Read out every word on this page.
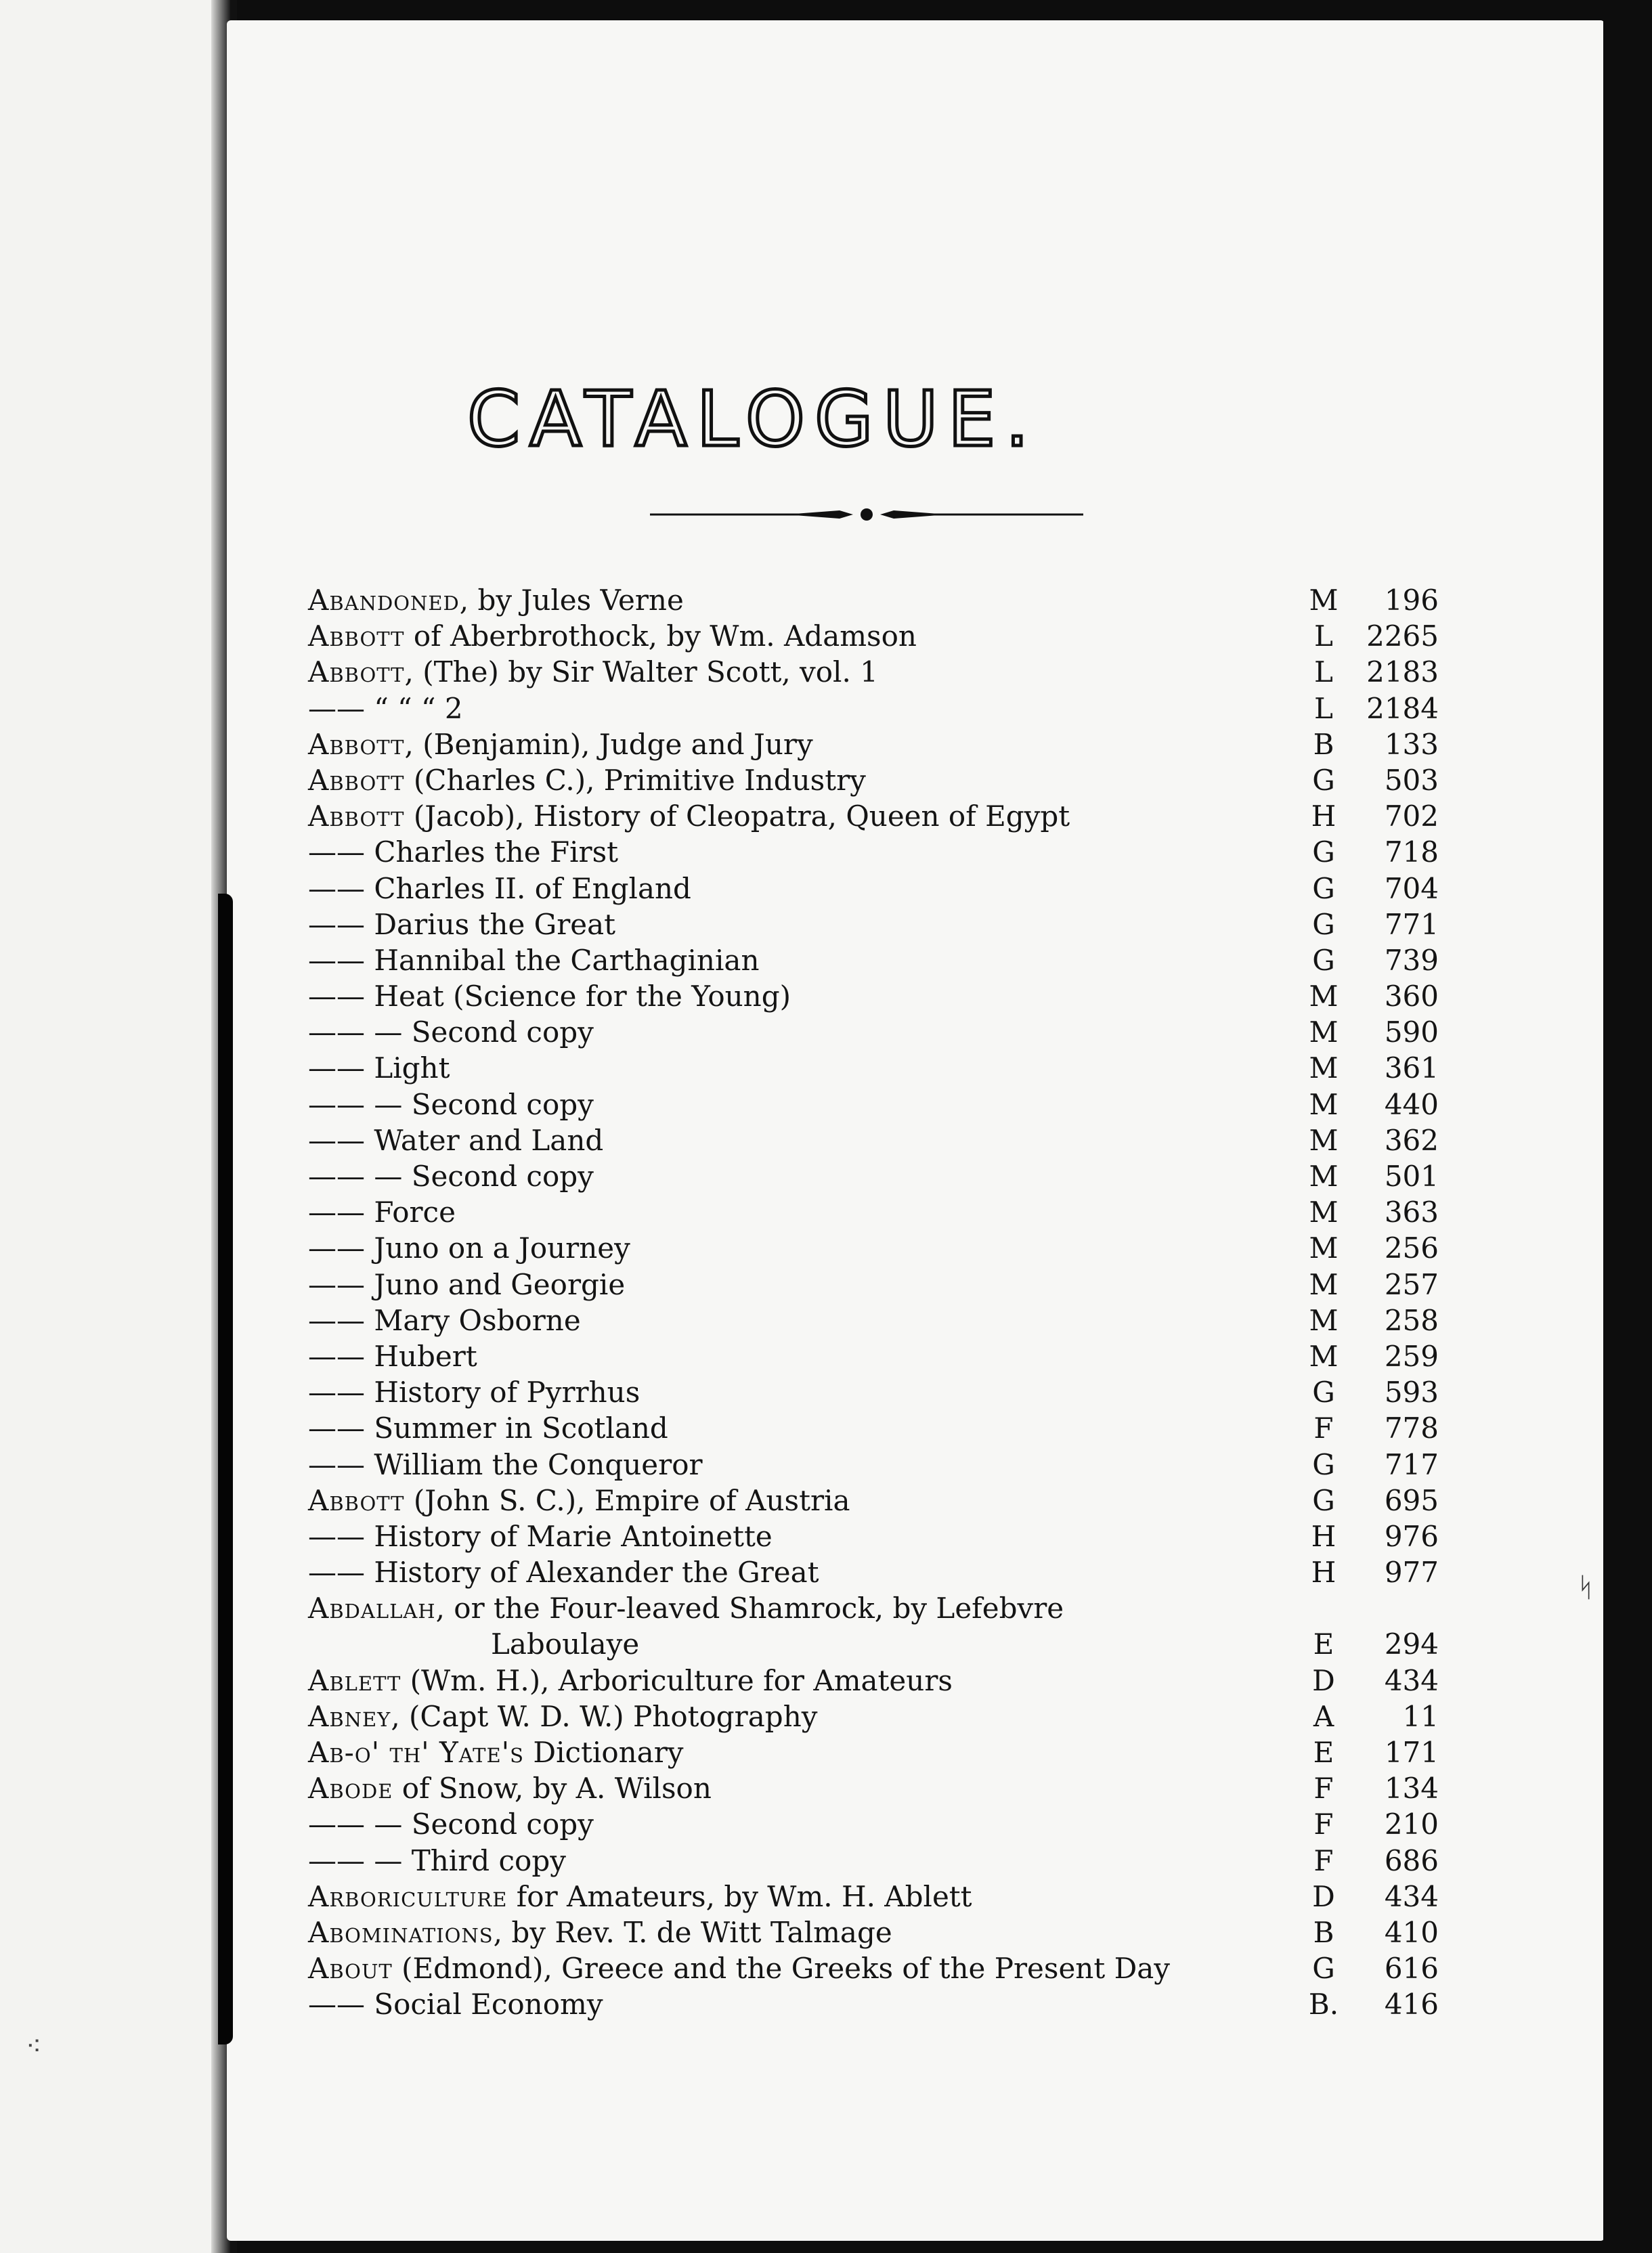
CATALOGUE.
Abandoned, by Jules Verne	M	196
Abbott of Aberbrothock, by Wm. Adamson	L	2265
Abbott, (The) by Sir Walter Scott, vol. 1	L	2183
—— “ “ “ 2	L	2184
Abbott, (Benjamin), Judge and Jury	B	133
Abbott (Charles C.), Primitive Industry	G	503
Abbott (Jacob), History of Cleopatra, Queen of Egypt	H	702
—— Charles the First	G	718
—— Charles II. of England	G	704
—— Darius the Great	G	771
—— Hannibal the Carthaginian	G	739
—— Heat (Science for the Young)	M	360
—— — Second copy	M	590
—— Light	M	361
—— — Second copy	M	440
—— Water and Land	M	362
—— — Second copy	M	501
—— Force	M	363
—— Juno on a Journey	M	256
—— Juno and Georgie	M	257
—— Mary Osborne	M	258
—— Hubert	M	259
—— History of Pyrrhus	G	593
—— Summer in Scotland	F	778
—— William the Conqueror	G	717
Abbott (John S. C.), Empire of Austria	G	695
—— History of Marie Antoinette	H	976
—— History of Alexander the Great	H	977
Abdallah, or the Four-leaved Shamrock, by Lefebvre
Laboulaye	E	294
Ablett (Wm. H.), Arboriculture for Amateurs	D	434
Abney, (Capt W. D. W.) Photography	A	11
Ab-o' th' Yate's Dictionary	E	171
Abode of Snow, by A. Wilson	F	134
—— — Second copy	F	210
—— — Third copy	F	686
Arboriculture for Amateurs, by Wm. H. Ablett	D	434
Abominations, by Rev. T. de Witt Talmage	B	410
About (Edmond), Greece and the Greeks of the Present Day	G	616
—— Social Economy	B.	416
ᛋ
⁖
